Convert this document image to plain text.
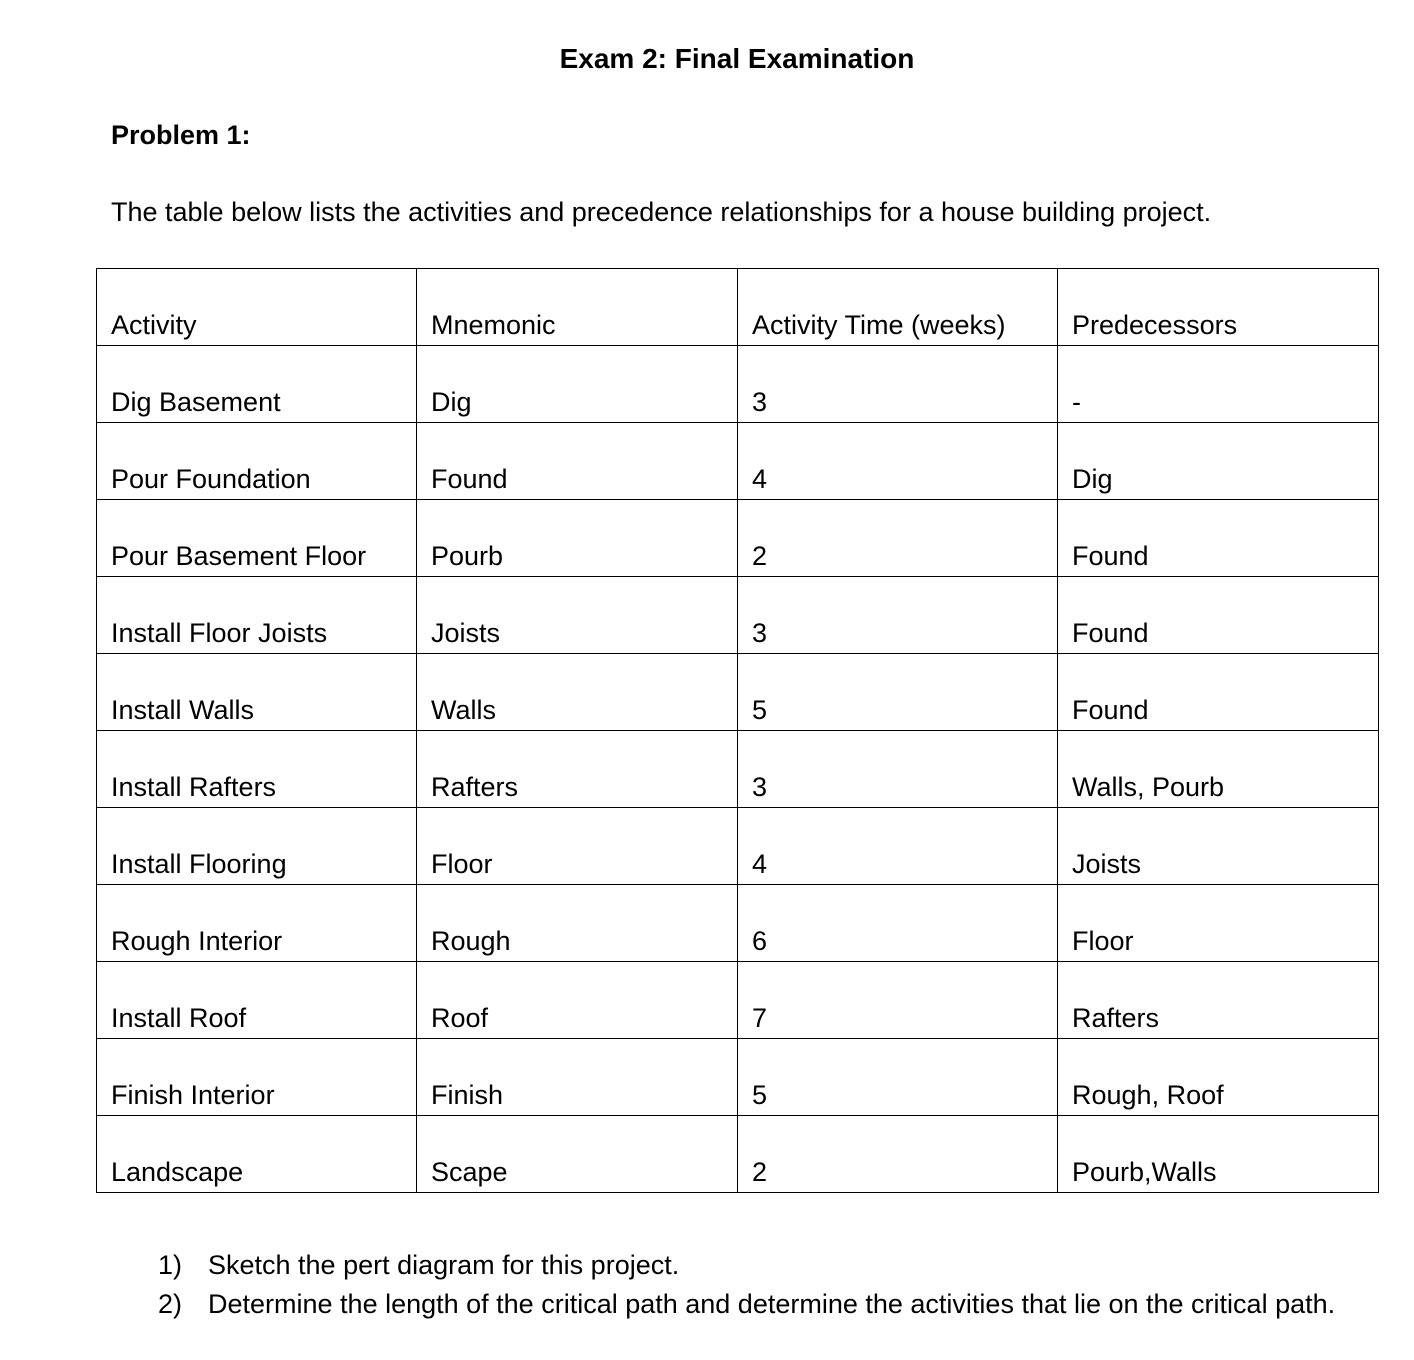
Exam 2: Final Examination
Problem 1:

The table below lists the activities and precedence relationships for a house building project.

Activity	Mnemonic	Activity Time (weeks)	Predecessors
Dig Basement	Dig	3	-
Pour Foundation	Found	4	Dig
Pour Basement Floor	Pourb	2	Found
Install Floor Joists	Joists	3	Found
Install Walls	Walls	5	Found
Install Rafters	Rafters	3	Walls, Pourb
Install Flooring	Floor	4	Joists
Rough Interior	Rough	6	Floor
Install Roof	Roof	7	Rafters
Finish Interior	Finish	5	Rough, Roof
Landscape	Scape	2	Pourb,Walls
1) Sketch the pert diagram for this project.
2) Determine the length of the critical path and determine the activities that lie on the critical path.
